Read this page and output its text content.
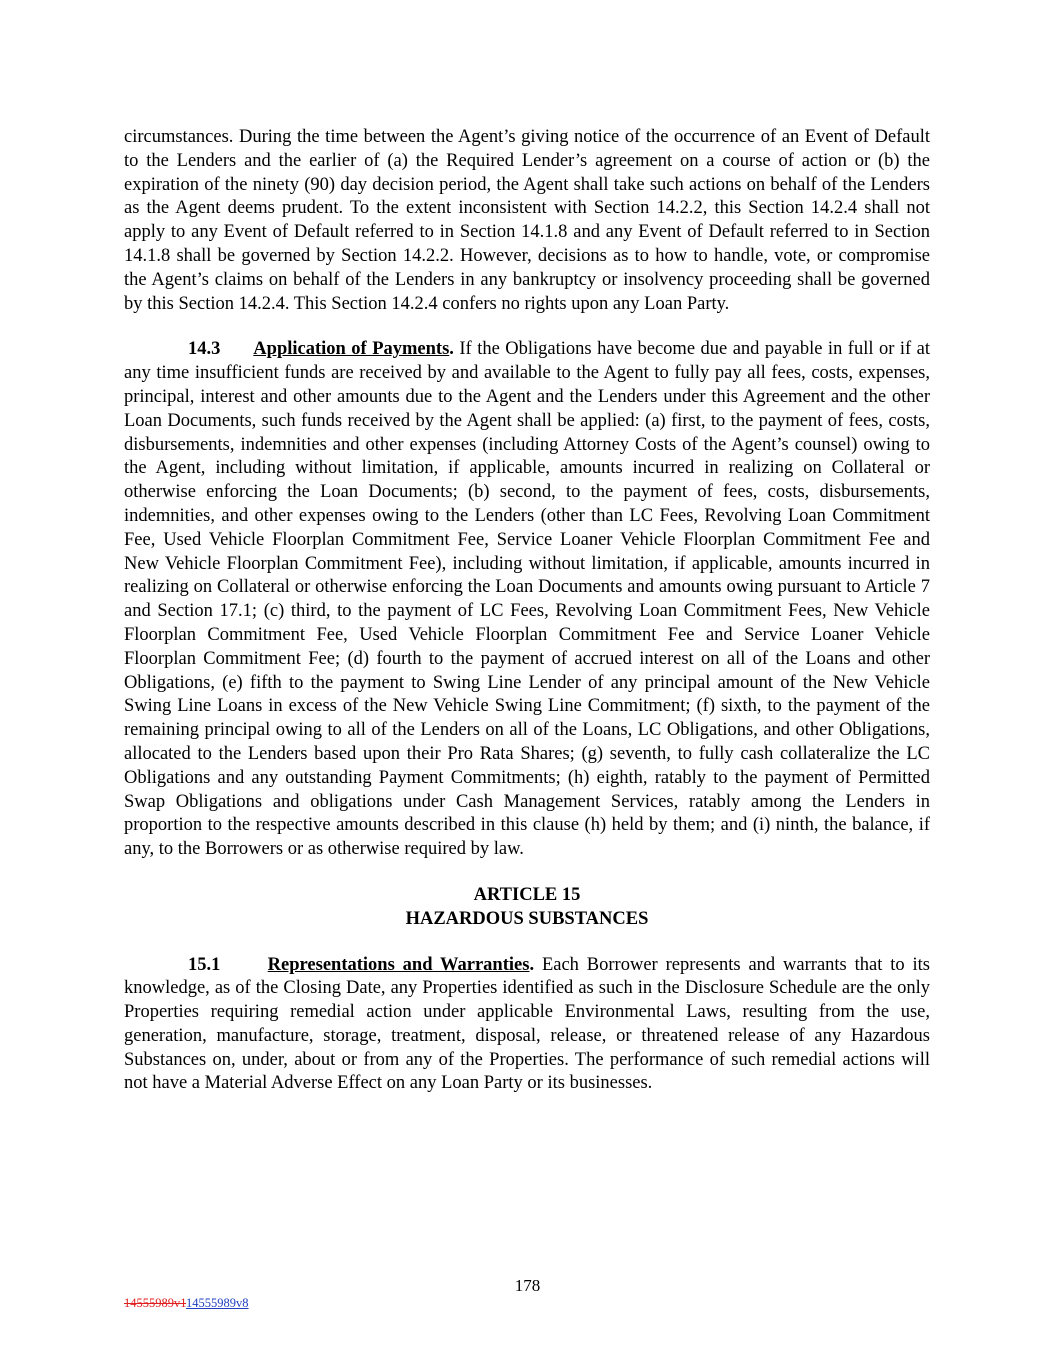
circumstances. During the time between the Agent’s giving notice of the occurrence of an Event of Default to the Lenders and the earlier of (a) the Required Lender’s agreement on a course of action or (b) the expiration of the ninety (90) day decision period, the Agent shall take such actions on behalf of the Lenders as the Agent deems prudent. To the extent inconsistent with Section 14.2.2, this Section 14.2.4 shall not apply to any Event of Default referred to in Section 14.1.8 and any Event of Default referred to in Section 14.1.8 shall be governed by Section 14.2.2. However, decisions as to how to handle, vote, or compromise the Agent’s claims on behalf of the Lenders in any bankruptcy or insolvency proceeding shall be governed by this Section 14.2.4. This Section 14.2.4 confers no rights upon any Loan Party.

14.3 Application of Payments. If the Obligations have become due and payable in full or if at any time insufficient funds are received by and available to the Agent to fully pay all fees, costs, expenses, principal, interest and other amounts due to the Agent and the Lenders under this Agreement and the other Loan Documents, such funds received by the Agent shall be applied: (a) first, to the payment of fees, costs, disbursements, indemnities and other expenses (including Attorney Costs of the Agent’s counsel) owing to the Agent, including without limitation, if applicable, amounts incurred in realizing on Collateral or otherwise enforcing the Loan Documents; (b) second, to the payment of fees, costs, disbursements, indemnities, and other expenses owing to the Lenders (other than LC Fees, Revolving Loan Commitment Fee, Used Vehicle Floorplan Commitment Fee, Service Loaner Vehicle Floorplan Commitment Fee and New Vehicle Floorplan Commitment Fee), including without limitation, if applicable, amounts incurred in realizing on Collateral or otherwise enforcing the Loan Documents and amounts owing pursuant to Article 7 and Section 17.1; (c) third, to the payment of LC Fees, Revolving Loan Commitment Fees, New Vehicle Floorplan Commitment Fee, Used Vehicle Floorplan Commitment Fee and Service Loaner Vehicle Floorplan Commitment Fee; (d) fourth to the payment of accrued interest on all of the Loans and other Obligations, (e) fifth to the payment to Swing Line Lender of any principal amount of the New Vehicle Swing Line Loans in excess of the New Vehicle Swing Line Commitment; (f) sixth, to the payment of the remaining principal owing to all of the Lenders on all of the Loans, LC Obligations, and other Obligations, allocated to the Lenders based upon their Pro Rata Shares; (g) seventh, to fully cash collateralize the LC Obligations and any outstanding Payment Commitments; (h) eighth, ratably to the payment of Permitted Swap Obligations and obligations under Cash Management Services, ratably among the Lenders in proportion to the respective amounts described in this clause (h) held by them; and (i) ninth, the balance, if any, to the Borrowers or as otherwise required by law.

ARTICLE 15
HAZARDOUS SUBSTANCES

15.1	Representations and Warranties. Each Borrower represents and warrants that to its knowledge, as of the Closing Date, any Properties identified as such in the Disclosure Schedule are the only Properties requiring remedial action under applicable Environmental Laws, resulting from the use, generation, manufacture, storage, treatment, disposal, release, or threatened release of any Hazardous Substances on, under, about or from any of the Properties. The performance of such remedial actions will not have a Material Adverse Effect on any Loan Party or its businesses.

178
14555989v114555989v8
